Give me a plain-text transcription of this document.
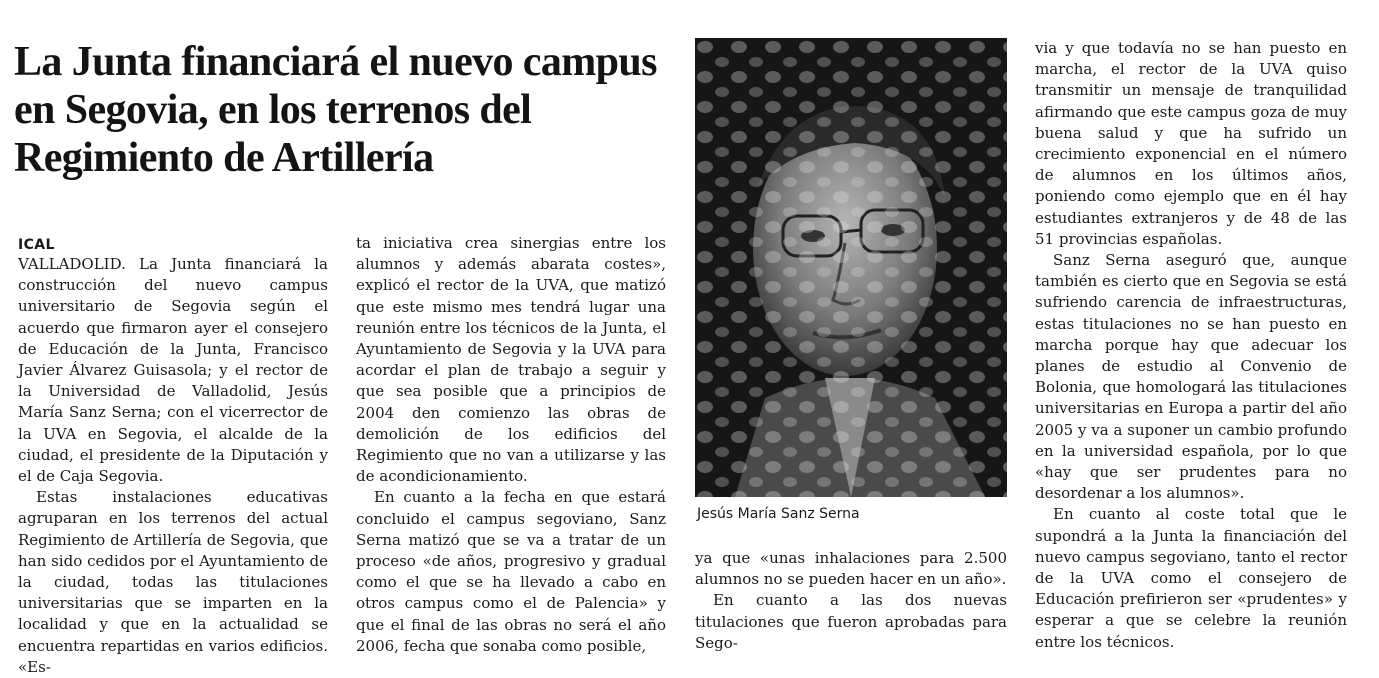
La Junta financiará el nuevo campus en Segovia, en los terrenos del Regimiento de Artillería
ICAL

VALLADOLID. La Junta financiará la construcción del nuevo campus universitario de Segovia según el acuerdo que firmaron ayer el consejero de Educación de la Junta, Francisco Javier Álvarez Guisasola; y el rector de la Universidad de Valladolid, Jesús María Sanz Serna; con el vicerrector de la UVA en Segovia, el alcalde de la ciudad, el presidente de la Diputación y el de Caja Segovia.

Estas instalaciones educativas agruparan en los terrenos del actual Regimiento de Artillería de Segovia, que han sido cedidos por el Ayuntamiento de la ciudad, todas las titulaciones universitarias que se imparten en la localidad y que en la actualidad se encuentra repartidas en varios edificios. «Es-

ta iniciativa crea sinergias entre los alumnos y además abarata costes», explicó el rector de la UVA, que matizó que este mismo mes tendrá lugar una reunión entre los técnicos de la Junta, el Ayuntamiento de Segovia y la UVA para acordar el plan de trabajo a seguir y que sea posible que a principios de 2004 den comienzo las obras de demolición de los edificios del Regimiento que no van a utilizarse y las de acondicionamiento.

En cuanto a la fecha en que estará concluido el campus segoviano, Sanz Serna matizó que se va a tratar de un proceso «de años, progresivo y gradual como el que se ha llevado a cabo en otros campus como el de Palencia» y que el final de las obras no será el año 2006, fecha que sonaba como posible,

Jesús María Sanz Serna

ya que «unas inhalaciones para 2.500 alumnos no se pueden hacer en un año».

En cuanto a las dos nuevas titulaciones que fueron aprobadas para Sego-

via y que todavía no se han puesto en marcha, el rector de la UVA quiso transmitir un mensaje de tranquilidad afirmando que este campus goza de muy buena salud y que ha sufrido un crecimiento exponencial en el número de alumnos en los últimos años, poniendo como ejemplo que en él hay estudiantes extranjeros y de 48 de las 51 provincias españolas.

Sanz Serna aseguró que, aunque también es cierto que en Segovia se está sufriendo carencia de infraestructuras, estas titulaciones no se han puesto en marcha porque hay que adecuar los planes de estudio al Convenio de Bolonia, que homologará las titulaciones universitarias en Europa a partir del año 2005 y va a suponer un cambio profundo en la universidad española, por lo que «hay que ser prudentes para no desordenar a los alumnos».

En cuanto al coste total que le supondrá a la Junta la financiación del nuevo campus segoviano, tanto el rector de la UVA como el consejero de Educación prefirieron ser «prudentes» y esperar a que se celebre la reunión entre los técnicos.
